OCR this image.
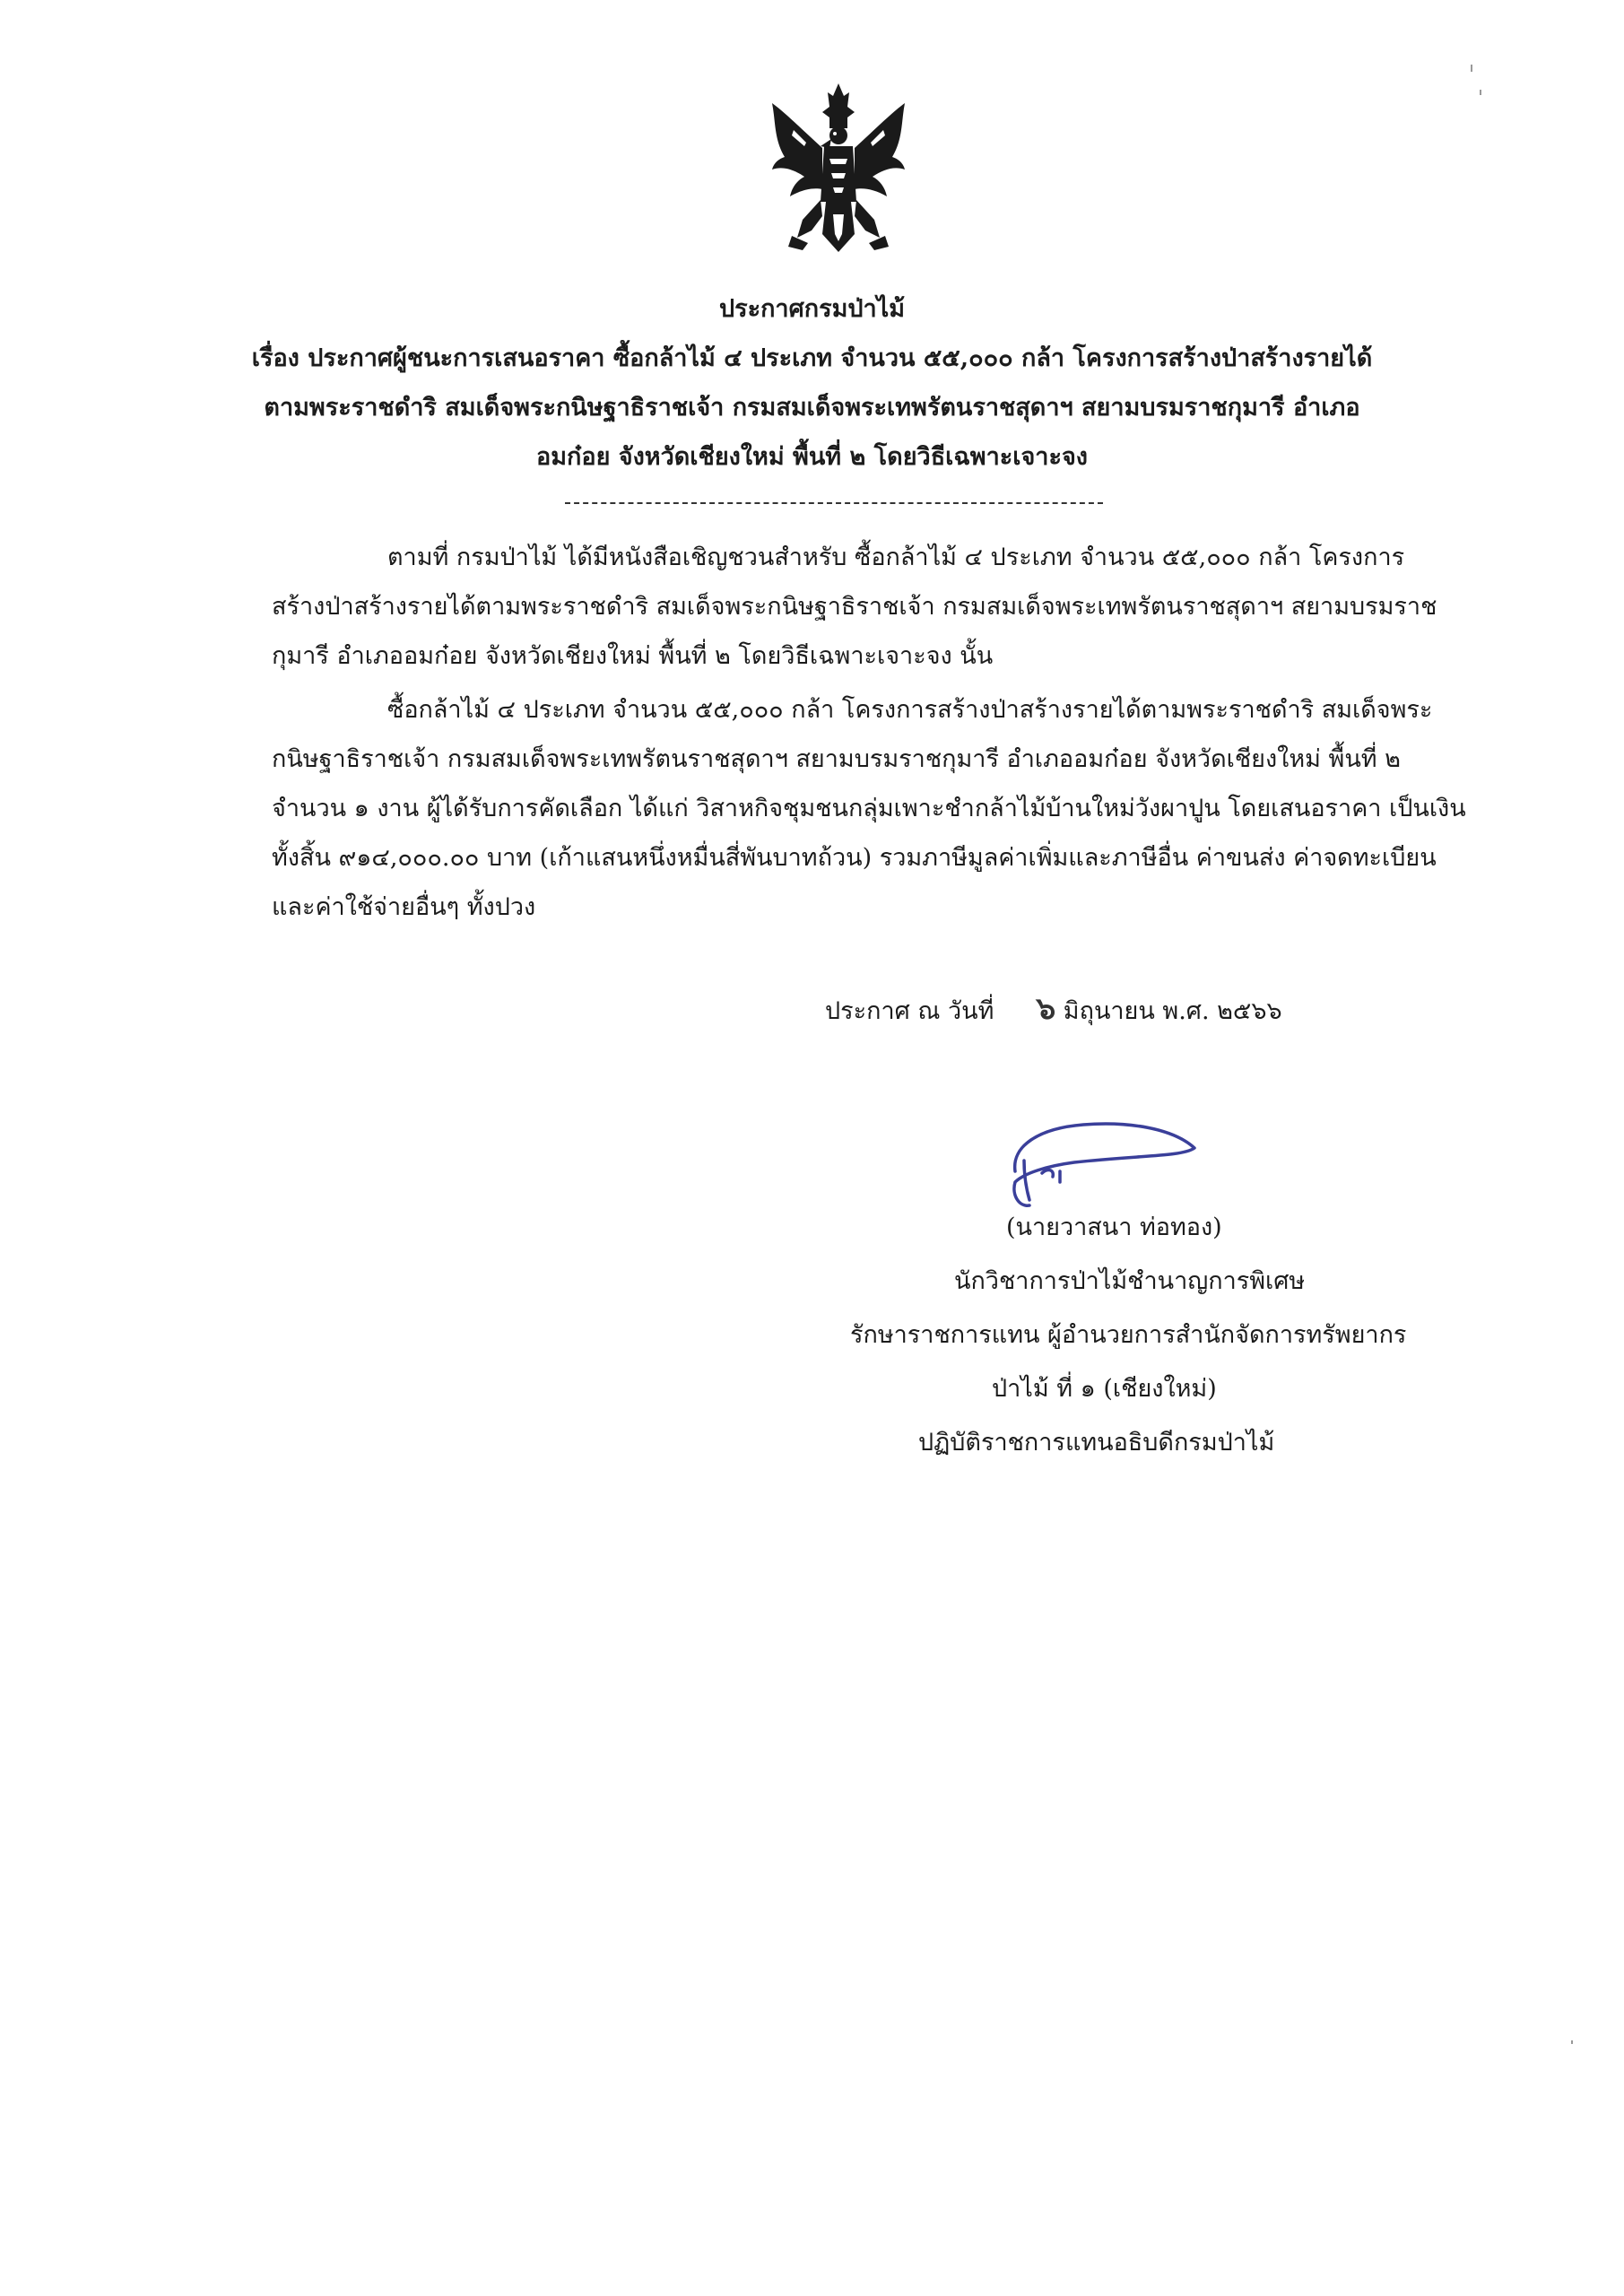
ประกาศกรมป่าไม้
เรื่อง ประกาศผู้ชนะการเสนอราคา ซื้อกล้าไม้ ๔ ประเภท จำนวน ๕๕,๐๐๐ กล้า โครงการสร้างป่าสร้างรายได้
ตามพระราชดำริ สมเด็จพระกนิษฐาธิราชเจ้า กรมสมเด็จพระเทพรัตนราชสุดาฯ สยามบรมราชกุมารี อำเภอ
อมก๋อย จังหวัดเชียงใหม่ พื้นที่ ๒ โดยวิธีเฉพาะเจาะจง
ตามที่ กรมป่าไม้ ได้มีหนังสือเชิญชวนสำหรับ ซื้อกล้าไม้ ๔ ประเภท จำนวน ๕๕,๐๐๐ กล้า โครงการ
สร้างป่าสร้างรายได้ตามพระราชดำริ สมเด็จพระกนิษฐาธิราชเจ้า กรมสมเด็จพระเทพรัตนราชสุดาฯ สยามบรมราช
กุมารี อำเภออมก๋อย จังหวัดเชียงใหม่ พื้นที่ ๒ โดยวิธีเฉพาะเจาะจง นั้น
ซื้อกล้าไม้ ๔ ประเภท จำนวน ๕๕,๐๐๐ กล้า โครงการสร้างป่าสร้างรายได้ตามพระราชดำริ สมเด็จพระ
กนิษฐาธิราชเจ้า กรมสมเด็จพระเทพรัตนราชสุดาฯ สยามบรมราชกุมารี อำเภออมก๋อย จังหวัดเชียงใหม่ พื้นที่ ๒
จำนวน ๑ งาน ผู้ได้รับการคัดเลือก ได้แก่ วิสาหกิจชุมชนกลุ่มเพาะชำกล้าไม้บ้านใหม่วังผาปูน โดยเสนอราคา เป็นเงิน
ทั้งสิ้น ๙๑๔,๐๐๐.๐๐ บาท (เก้าแสนหนึ่งหมื่นสี่พันบาทถ้วน) รวมภาษีมูลค่าเพิ่มและภาษีอื่น ค่าขนส่ง ค่าจดทะเบียน
และค่าใช้จ่ายอื่นๆ ทั้งปวง
ประกาศ ณ วันที่ ๖ มิถุนายน พ.ศ. ๒๕๖๖
(นายวาสนา ท่อทอง)
นักวิชาการป่าไม้ชำนาญการพิเศษ
รักษาราชการแทน ผู้อำนวยการสำนักจัดการทรัพยากร
ป่าไม้ ที่ ๑ (เชียงใหม่)
ปฏิบัติราชการแทนอธิบดีกรมป่าไม้
